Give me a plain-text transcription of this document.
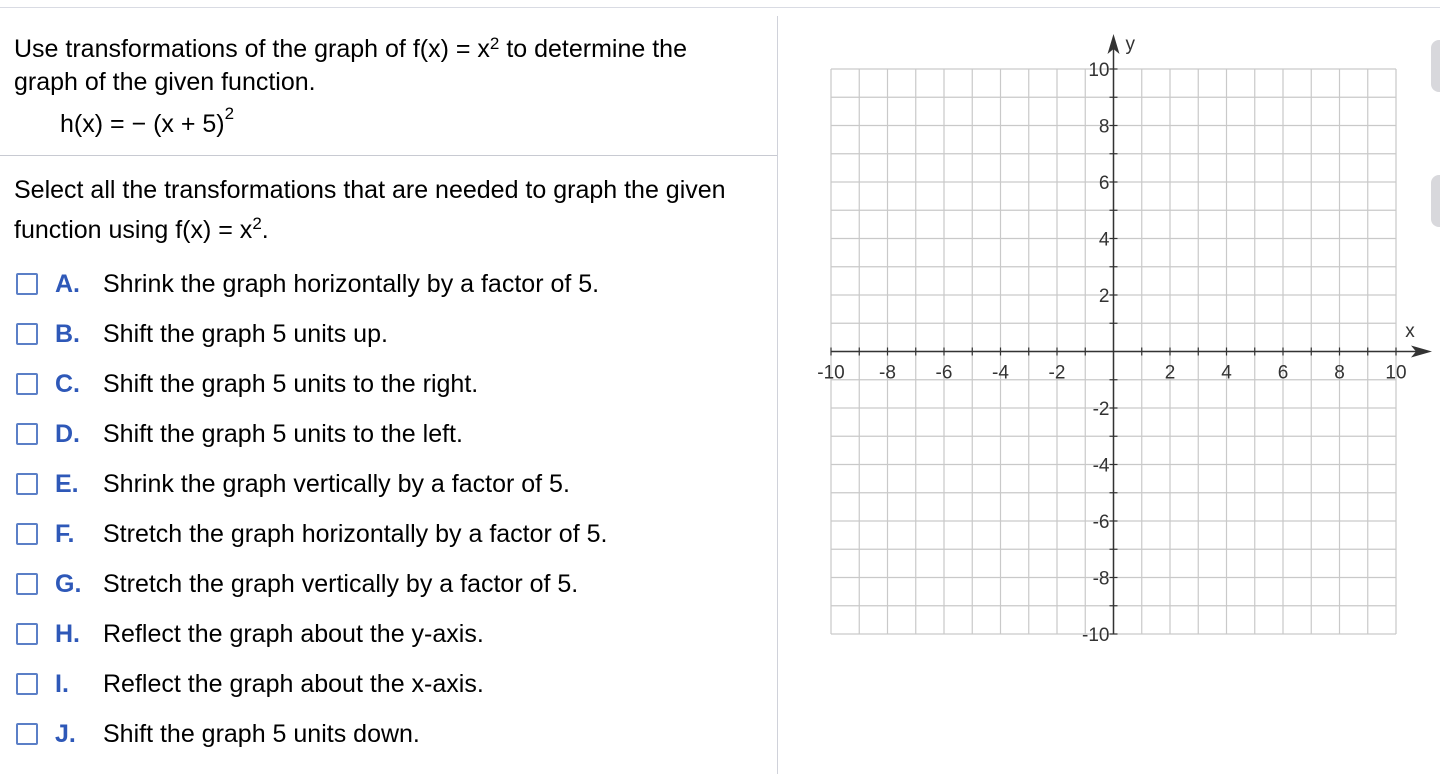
Use transformations of the graph of $f(x) = x^2$ to determine the
graph of the given function.
h(x) = − $(x + 5)^2$
Select all the transformations that are needed to graph the given
function using $f(x) = x^2$.
A. Shrink the graph horizontally by a factor of 5.
B. Shift the graph 5 units up.
C. Shift the graph 5 units to the right.
D. Shift the graph 5 units to the left.
E. Shrink the graph vertically by a factor of 5.
F.	Stretch the graph horizontally by a factor of 5.
G. Stretch the graph vertically by a factor of 5.
H. Reflect the graph about the y-axis.
I.	Reflect the graph about the x-axis.
J.	Shift the graph 5 units down.
-10 -8 -6 -4 -2	2 4 6 8 10
10
8
6
4
2
-2
-4
-6
-8
-10
x
y
